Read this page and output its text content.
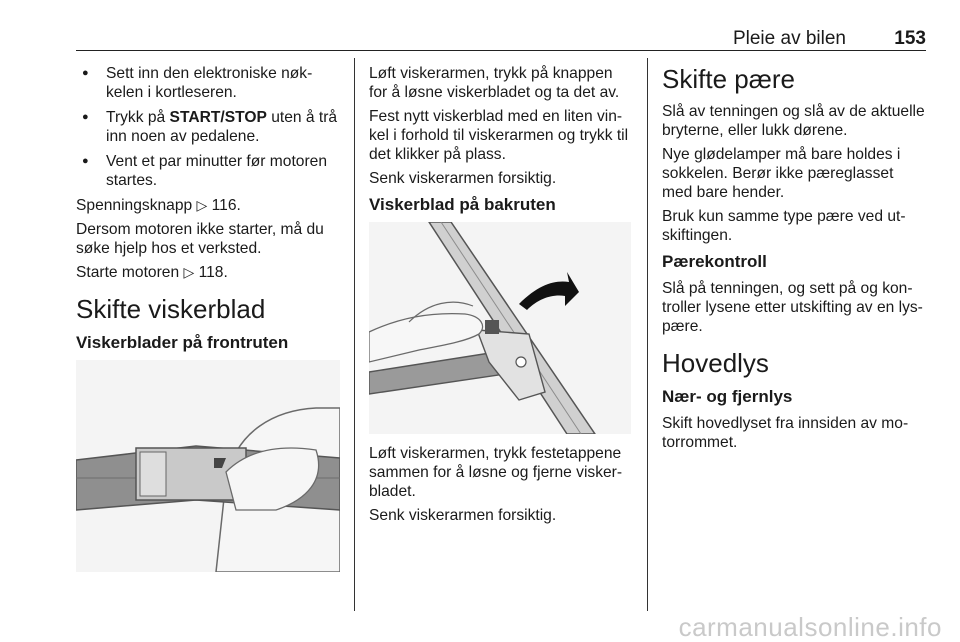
Pleie av bilen	153
● Sett inn den elektroniske nøk-kelen i kortleseren.
● Trykk på START/STOP uten å trå inn noen av pedalene.
● Vent et par minutter før motoren startes.

Spenningsknapp ▷ 116.

Dersom motoren ikke starter, må du søke hjelp hos et verksted.

Starte motoren ▷ 118.

Skifte viskerblad
Viskerblader på frontruten

Løft viskerarmen, trykk på knappen for å løsne viskerbladet og ta det av.

Fest nytt viskerblad med en liten vin-kel i forhold til viskerarmen og trykk til det klikker på plass.

Senk viskerarmen forsiktig.

Viskerblad på bakruten

Løft viskerarmen, trykk festetappene sammen for å løsne og fjerne visker-bladet.

Senk viskerarmen forsiktig.

Skifte pære

Slå av tenningen og slå av de aktuelle bryterne, eller lukk dørene.

Nye glødelamper må bare holdes i sokkelen. Berør ikke pæreglasset med bare hender.

Bruk kun samme type pære ved ut-skiftingen.

Pærekontroll

Slå på tenningen, og sett på og kon-troller lysene etter utskifting av en lys-pære.

Hovedlys
Nær- og fjernlys

Skift hovedlyset fra innsiden av mo-torrommet.

carmanualsonline.info
